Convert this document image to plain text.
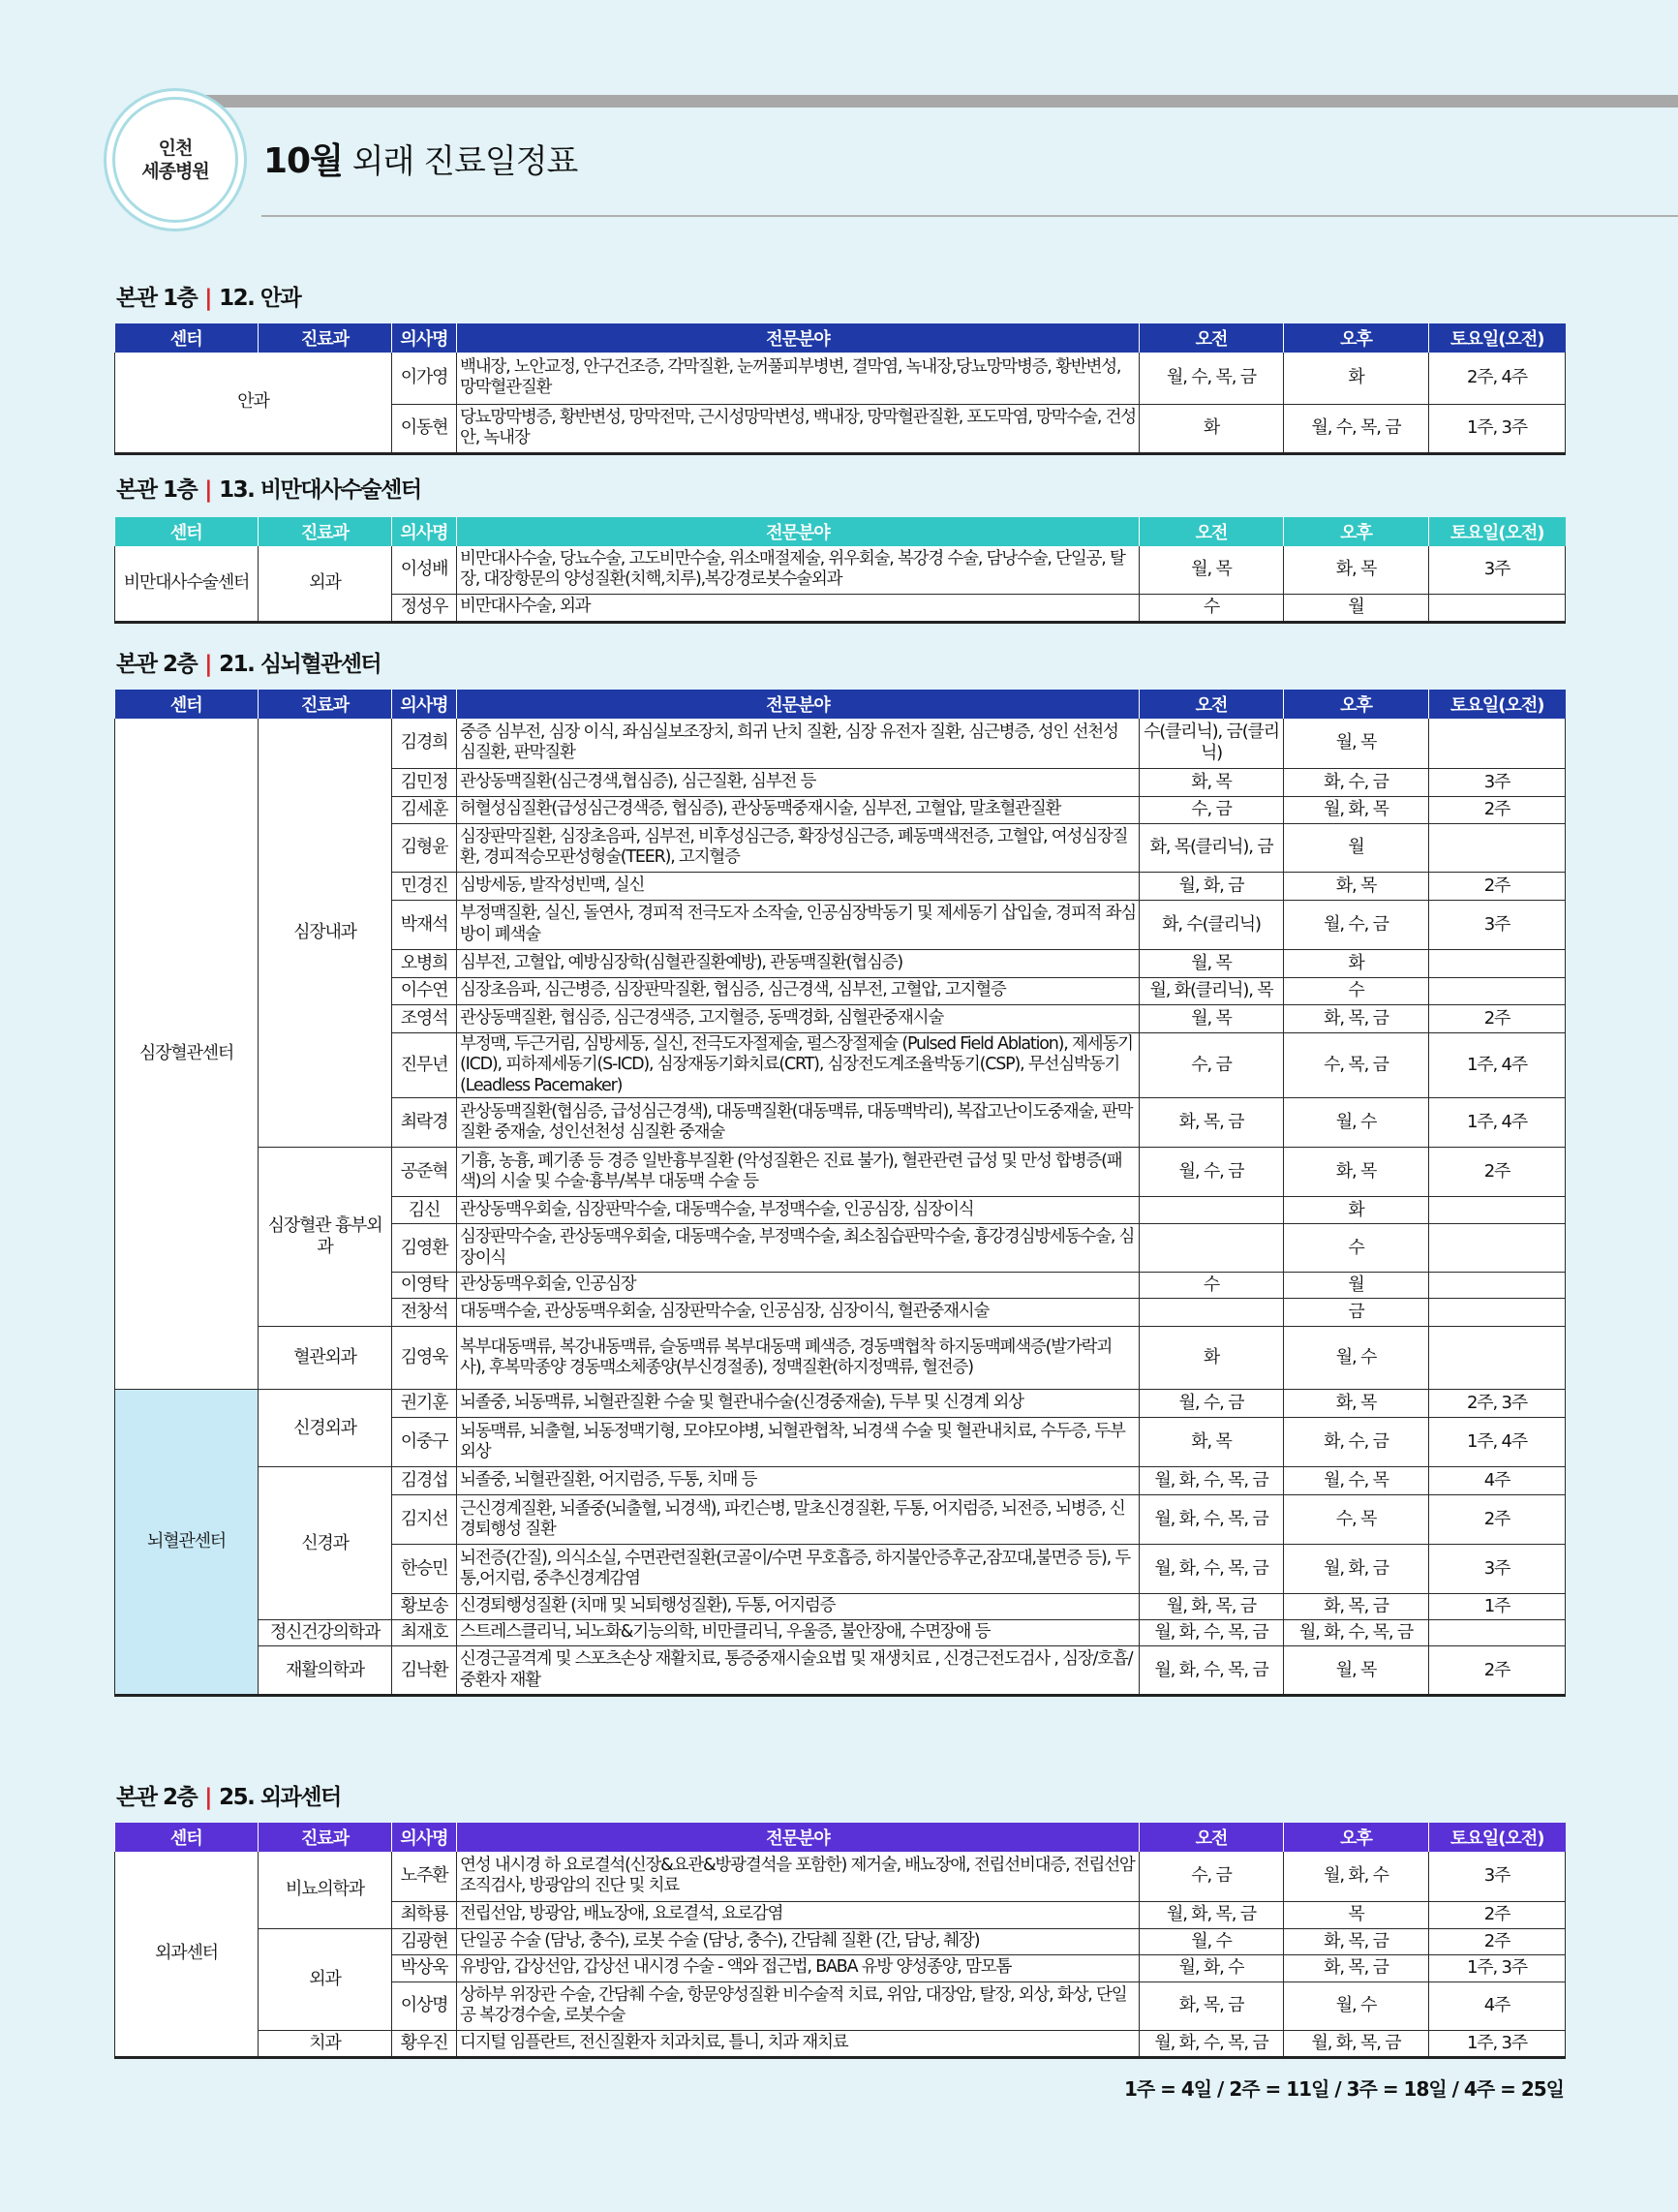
인천
세종병원 10월 외래 진료일정표
본관 1층 | 12. 안과
센터	진료과	의사명	전문분야	오전	오후	토요일(오전)
안과		이가영	백내장, 노안교정, 안구건조증, 각막질환, 눈꺼풀피부병변, 결막염, 녹내장,당뇨망막병증, 황반변성, 망막혈관질환	월, 수, 목, 금	화	2주, 4주
		이동현	당뇨망막병증, 황반변성, 망막전막, 근시성망막변성, 백내장, 망막혈관질환, 포도막염, 망막수술, 건성안, 녹내장	화	월, 수, 목, 금	1주, 3주
본관 1층 | 13. 비만대사수술센터
센터	진료과	의사명	전문분야	오전	오후	토요일(오전)
비만대사수술센터	외과	이성배	비만대사수술, 당뇨수술, 고도비만수술, 위소매절제술, 위우회술, 복강경 수술, 담낭수술, 단일공, 탈장, 대장항문의 양성질환(치핵,치루),복강경로봇수술외과	월, 목	화, 목	3주
		정성우	비만대사수술, 외과	수	월	
본관 2층 | 21. 심뇌혈관센터
센터	진료과	의사명	전문분야	오전	오후	토요일(오전)
심장혈관센터	심장내과	김경희	중증 심부전, 심장 이식, 좌심실보조장치, 희귀 난치 질환, 심장 유전자 질환, 심근병증, 성인 선천성 심질환, 판막질환	수(클리닉), 금(클리닉)	월, 목	
		김민정	관상동맥질환(심근경색,협심증), 심근질환, 심부전 등	화, 목	화, 수, 금	3주
		김세훈	허혈성심질환(급성심근경색증, 협심증), 관상동맥중재시술, 심부전, 고혈압, 말초혈관질환	수, 금	월, 화, 목	2주
		김형윤	심장판막질환, 심장초음파, 심부전, 비후성심근증, 확장성심근증, 폐동맥색전증, 고혈압, 여성심장질환, 경피적승모판성형술(TEER), 고지혈증	화, 목(클리닉), 금	월	
		민경진	심방세동, 발작성빈맥, 실신	월, 화, 금	화, 목	2주
		박재석	부정맥질환, 실신, 돌연사, 경피적 전극도자 소작술, 인공심장박동기 및 제세동기 삽입술, 경피적 좌심방이 폐색술	화, 수(클리닉)	월, 수, 금	3주
		오병희	심부전, 고혈압, 예방심장학(심혈관질환예방), 관동맥질환(협심증)	월, 목	화	
		이수연	심장초음파, 심근병증, 심장판막질환, 협심증, 심근경색, 심부전, 고혈압, 고지혈증	월, 화(클리닉), 목	수	
		조영석	관상동맥질환, 협심증, 심근경색증, 고지혈증, 동맥경화, 심혈관중재시술	월, 목	화, 목, 금	2주
		진무년	부정맥, 두근거림, 심방세동, 실신, 전극도자절제술, 펄스장절제술 (Pulsed Field Ablation), 제세동기(ICD), 피하제세동기(S-ICD), 심장재동기화치료(CRT), 심장전도계조율박동기(CSP), 무선심박동기(Leadless Pacemaker)	수, 금	수, 목, 금	1주, 4주
		최락경	관상동맥질환(협심증, 급성심근경색), 대동맥질환(대동맥류, 대동맥박리), 복잡고난이도중재술, 판막질환 중재술, 성인선천성 심질환 중재술	화, 목, 금	월, 수	1주, 4주
	심장혈관 흉부외과	공준혁	기흉, 농흉, 폐기종 등 경증 일반흉부질환 (악성질환은 진료 불가), 혈관관련 급성 및 만성 합병증(패색)의 시술 및 수술·흉부/복부 대동맥 수술 등	월, 수, 금	화, 목	2주
		김신	관상동맥우회술, 심장판막수술, 대동맥수술, 부정맥수술, 인공심장, 심장이식		화	
		김영환	심장판막수술, 관상동맥우회술, 대동맥수술, 부정맥수술, 최소침습판막수술, 흉강경심방세동수술, 심장이식		수	
		이영탁	관상동맥우회술, 인공심장	수	월	
		전창석	대동맥수술, 관상동맥우회술, 심장판막수술, 인공심장, 심장이식, 혈관중재시술		금	
	혈관외과	김영욱	복부대동맥류, 복강내동맥류, 슬동맥류 복부대동맥 폐색증, 경동맥협착 하지동맥폐색증(발가락괴사), 후복막종양 경동맥소체종양(부신경절종), 정맥질환(하지정맥류, 혈전증)	화	월, 수	
뇌혈관센터	신경외과	권기훈	뇌졸중, 뇌동맥류, 뇌혈관질환 수술 및 혈관내수술(신경중재술), 두부 및 신경계 외상	월, 수, 금	화, 목	2주, 3주
		이중구	뇌동맥류, 뇌출혈, 뇌동정맥기형, 모야모야병, 뇌혈관협착, 뇌경색 수술 및 혈관내치료, 수두증, 두부외상	화, 목	화, 수, 금	1주, 4주
	신경과	김경섭	뇌졸중, 뇌혈관질환, 어지럼증, 두통, 치매 등	월, 화, 수, 목, 금	월, 수, 목	4주
		김지선	근신경계질환, 뇌졸중(뇌출혈, 뇌경색), 파킨슨병, 말초신경질환, 두통, 어지럼증, 뇌전증, 뇌병증, 신경퇴행성 질환	월, 화, 수, 목, 금	수, 목	2주
		한승민	뇌전증(간질), 의식소실, 수면관련질환(코골이/수면 무호흡증, 하지불안증후군,잠꼬대,불면증 등), 두통,어지럼, 중추신경계감염	월, 화, 수, 목, 금	월, 화, 금	3주
		황보송	신경퇴행성질환 (치매 및 뇌퇴행성질환), 두통, 어지럼증	월, 화, 목, 금	화, 목, 금	1주
	정신건강의학과	최재호	스트레스클리닉, 뇌노화&기능의학, 비만클리닉, 우울증, 불안장애, 수면장애 등	월, 화, 수, 목, 금	월, 화, 수, 목, 금	
	재활의학과	김낙환	신경근골격계 및 스포츠손상 재활치료, 통증중재시술요법 및 재생치료 , 신경근전도검사 , 심장/호흡/중환자 재활	월, 화, 수, 목, 금	월, 목	2주
본관 2층 | 25. 외과센터
센터	진료과	의사명	전문분야	오전	오후	토요일(오전)
외과센터	비뇨의학과	노주환	연성 내시경 하 요로결석(신장&요관&방광결석을 포함한) 제거술, 배뇨장애, 전립선비대증, 전립선암조직검사, 방광암의 진단 및 치료	수, 금	월, 화, 수	3주
		최학룡	전립선암, 방광암, 배뇨장애, 요로결석, 요로감염	월, 화, 목, 금	목	2주
	외과	김광현	단일공 수술 (담낭, 충수), 로봇 수술 (담낭, 충수), 간담췌 질환 (간, 담낭, 췌장)	월, 수	화, 목, 금	2주
		박상욱	유방암, 갑상선암, 갑상선 내시경 수술 - 액와 접근법, BABA 유방 양성종양, 맘모톰	월, 화, 수	화, 목, 금	1주, 3주
		이상명	상하부 위장관 수술, 간담췌 수술, 항문양성질환 비수술적 치료, 위암, 대장암, 탈장, 외상, 화상, 단일공 복강경수술, 로봇수술	화, 목, 금	월, 수	4주
	치과	황우진	디지털 임플란트, 전신질환자 치과치료, 틀니, 치과 재치료	월, 화, 수, 목, 금	월, 화, 목, 금	1주, 3주
1주 = 4일 / 2주 = 11일 / 3주 = 18일 / 4주 = 25일
